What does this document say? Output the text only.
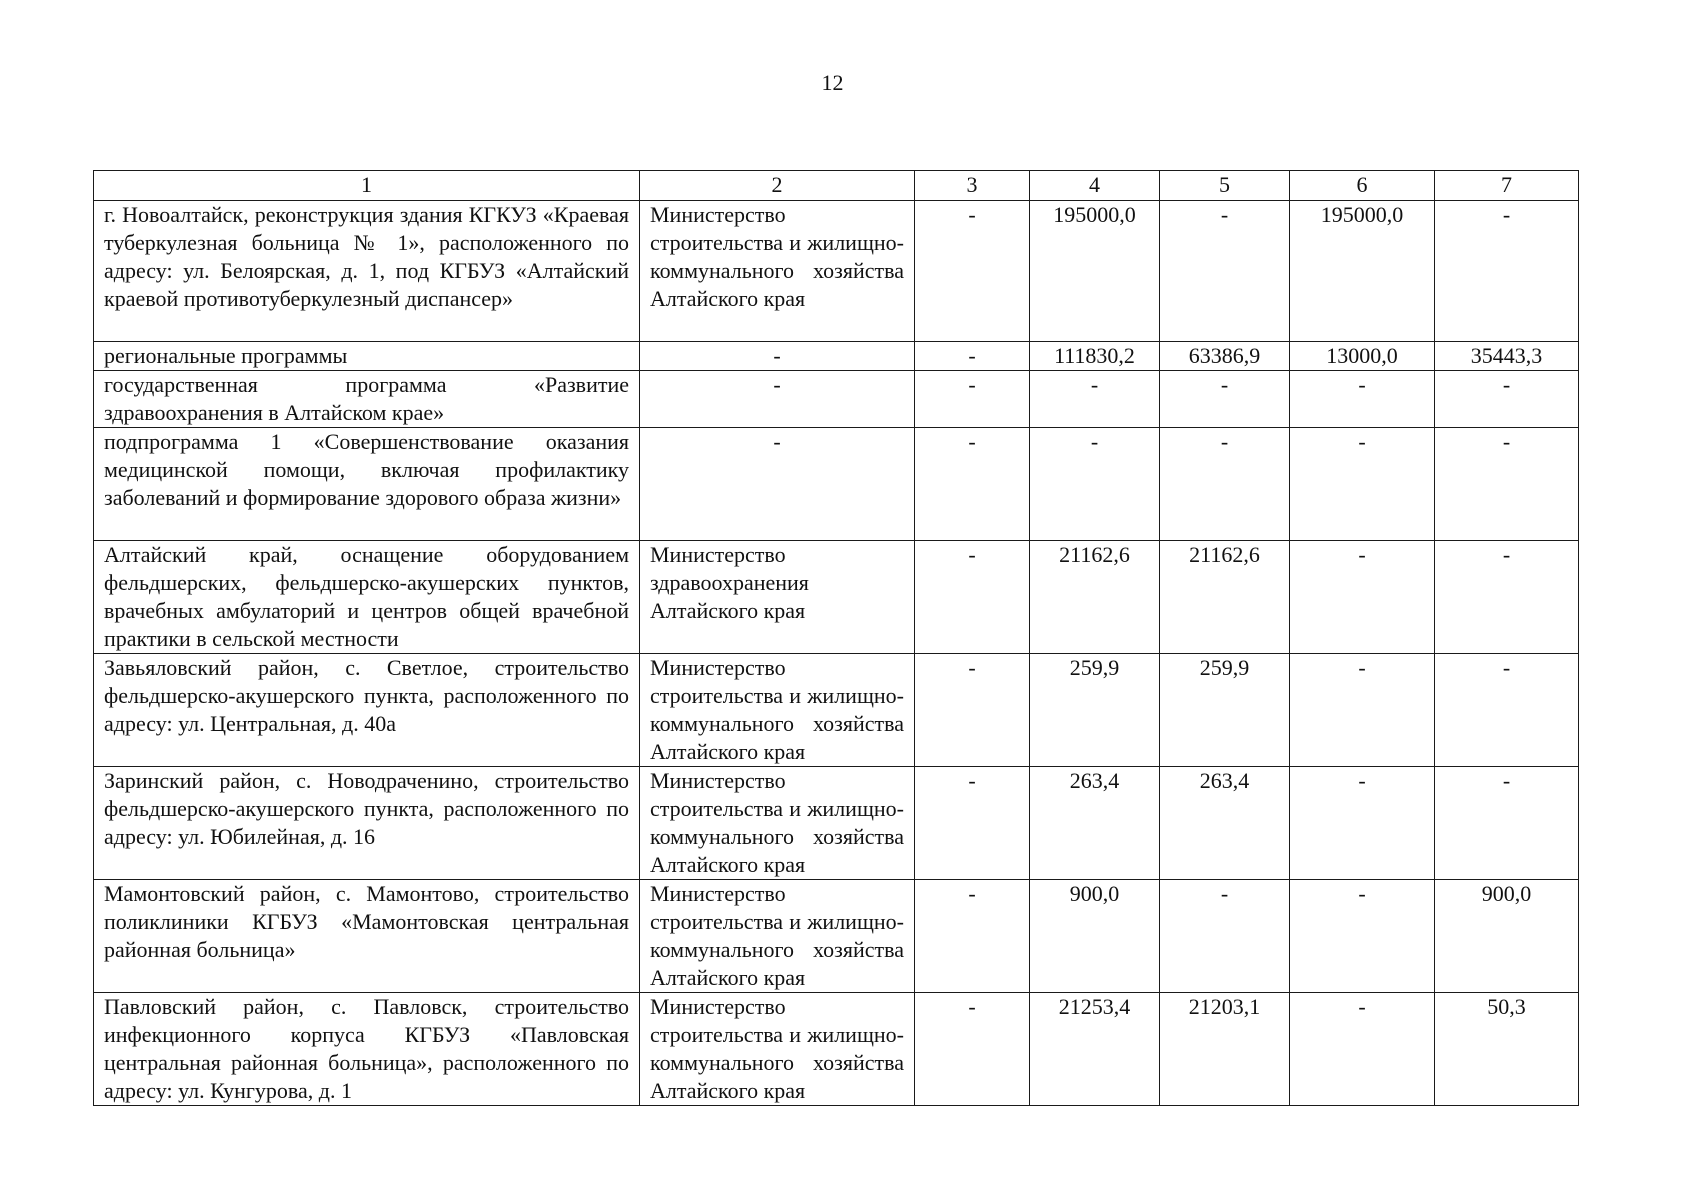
12
1	2	3	4	5	6	7
г. Новоалтайск, реконструкция здания КГКУЗ «Краевая туберкулезная больница № 1», расположенного по адресу: ул. Белоярская, д. 1, под КГБУЗ «Алтайский краевой противотуберкулезный диспансер»	Министерство строительства и жилищно-коммунального хозяйства Алтайского края	-	195000,0	-	195000,0	-
региональные программы	-	-	111830,2	63386,9	13000,0	35443,3
государственная программа «Развитие здравоохранения в Алтайском крае»	-	-	-	-	-	-
подпрограмма 1 «Совершенствование оказания медицинской помощи, включая профилактику заболеваний и формирование здорового образа жизни»	-	-	-	-	-	-
Алтайский край, оснащение оборудованием фельдшерских, фельдшерско-акушерских пунктов, врачебных амбулаторий и центров общей врачебной практики в сельской местности	Министерство здравоохранения Алтайского края	-	21162,6	21162,6	-	-
Завьяловский район, с. Светлое, строительство фельдшерско-акушерского пункта, расположенного по адресу: ул. Центральная, д. 40а	Министерство строительства и жилищно-коммунального хозяйства Алтайского края	-	259,9	259,9	-	-
Заринский район, с. Новодраченино, строительство фельдшерско-акушерского пункта, расположенного по адресу: ул. Юбилейная, д. 16	Министерство строительства и жилищно-коммунального хозяйства Алтайского края	-	263,4	263,4	-	-
Мамонтовский район, с. Мамонтово, строительство поликлиники КГБУЗ «Мамонтовская центральная районная больница»	Министерство строительства и жилищно-коммунального хозяйства Алтайского края	-	900,0	-	-	900,0
Павловский район, с. Павловск, строительство инфекционного корпуса КГБУЗ «Павловская центральная районная больница», расположенного по адресу: ул. Кунгурова, д. 1	Министерство строительства и жилищно-коммунального хозяйства Алтайского края	-	21253,4	21203,1	-	50,3
